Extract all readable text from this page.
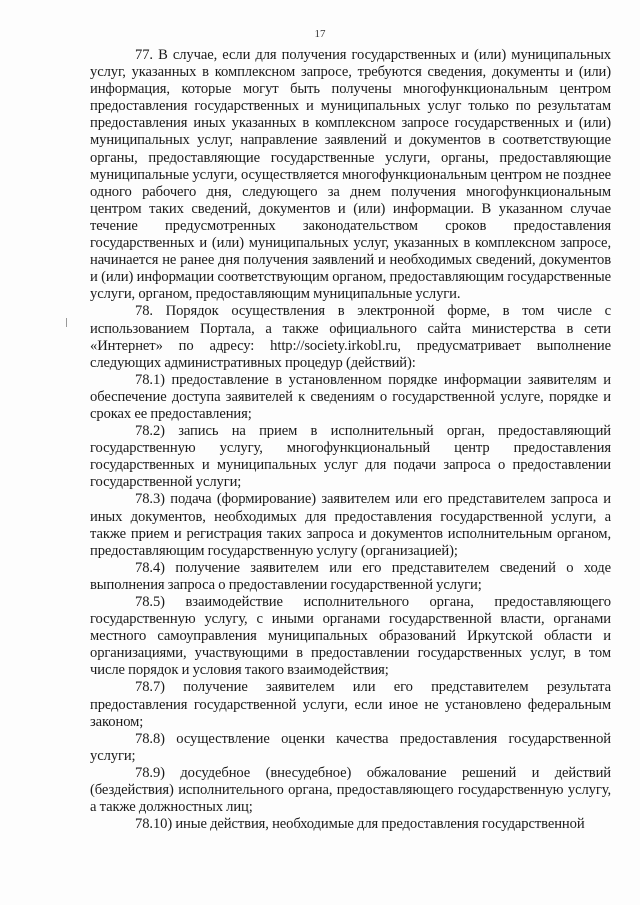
17

77. В случае, если для получения государственных и (или) муниципальных услуг, указанных в комплексном запросе, требуются сведения, документы и (или) информация, которые могут быть получены многофункциональным центром предоставления государственных и муниципальных услуг только по результатам предоставления иных указанных в комплексном запросе государственных и (или) муниципальных услуг, направление заявлений и документов в соответствующие органы, предоставляющие государственные услуги, органы, предоставляющие муниципальные услуги, осуществляется многофункциональным центром не позднее одного рабочего дня, следующего за днем получения многофункциональным центром таких сведений, документов и (или) информации. В указанном случае течение предусмотренных законодательством сроков предоставления государственных и (или) муниципальных услуг, указанных в комплексном запросе, начинается не ранее дня получения заявлений и необходимых сведений, документов и (или) информации соответствующим органом, предоставляющим государственные услуги, органом, предоставляющим муниципальные услуги.

78. Порядок осуществления в электронной форме, в том числе с использованием Портала, а также официального сайта министерства в сети «Интернет» по адресу: http://society.irkobl.ru, предусматривает выполнение следующих административных процедур (действий):

78.1) предоставление в установленном порядке информации заявителям и обеспечение доступа заявителей к сведениям о государственной услуге, порядке и сроках ее предоставления;

78.2) запись на прием в исполнительный орган, предоставляющий государственную услугу, многофункциональный центр предоставления государственных и муниципальных услуг для подачи запроса о предоставлении государственной услуги;

78.3) подача (формирование) заявителем или его представителем запроса и иных документов, необходимых для предоставления государственной услуги, а также прием и регистрация таких запроса и документов исполнительным органом, предоставляющим государственную услугу (организацией);

78.4) получение заявителем или его представителем сведений о ходе выполнения запроса о предоставлении государственной услуги;

78.5) взаимодействие исполнительного органа, предоставляющего государственную услугу, с иными органами государственной власти, органами местного самоуправления муниципальных образований Иркутской области и организациями, участвующими в предоставлении государственных услуг, в том числе порядок и условия такого взаимодействия;

78.7) получение заявителем или его представителем результата предоставления государственной услуги, если иное не установлено федеральным законом;

78.8) осуществление оценки качества предоставления государственной услуги;

78.9) досудебное (внесудебное) обжалование решений и действий (бездействия) исполнительного органа, предоставляющего государственную услугу, а также должностных лиц;

78.10) иные действия, необходимые для предоставления государственной
